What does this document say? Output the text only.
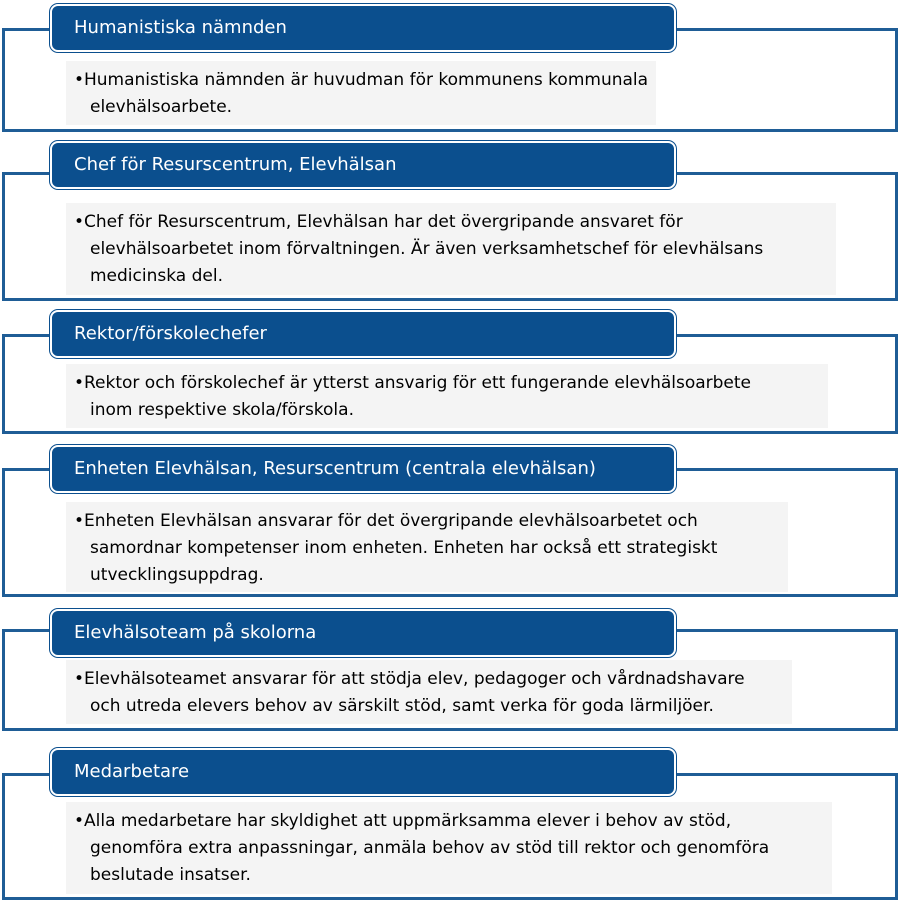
Humanistiska nämnden
• Humanistiska nämnden är huvudman för kommunens kommunala
elevhälsoarbete.
Chef för Resurscentrum, Elevhälsan
• Chef för Resurscentrum, Elevhälsan har det övergripande ansvaret för
elevhälsoarbetet inom förvaltningen. Är även verksamhetschef för elevhälsans
medicinska del.
Rektor/förskolechefer
• Rektor och förskolechef är ytterst ansvarig för ett fungerande elevhälsoarbete
inom respektive skola/förskola.
Enheten Elevhälsan, Resurscentrum (centrala elevhälsan)
• Enheten Elevhälsan ansvarar för det övergripande elevhälsoarbetet och
samordnar kompetenser inom enheten. Enheten har också ett strategiskt
utvecklingsuppdrag.
Elevhälsoteam på skolorna
• Elevhälsoteamet ansvarar för att stödja elev, pedagoger och vårdnadshavare
och utreda elevers behov av särskilt stöd, samt verka för goda lärmiljöer.
Medarbetare
• Alla medarbetare har skyldighet att uppmärksamma elever i behov av stöd,
genomföra extra anpassningar, anmäla behov av stöd till rektor och genomföra
beslutade insatser.
